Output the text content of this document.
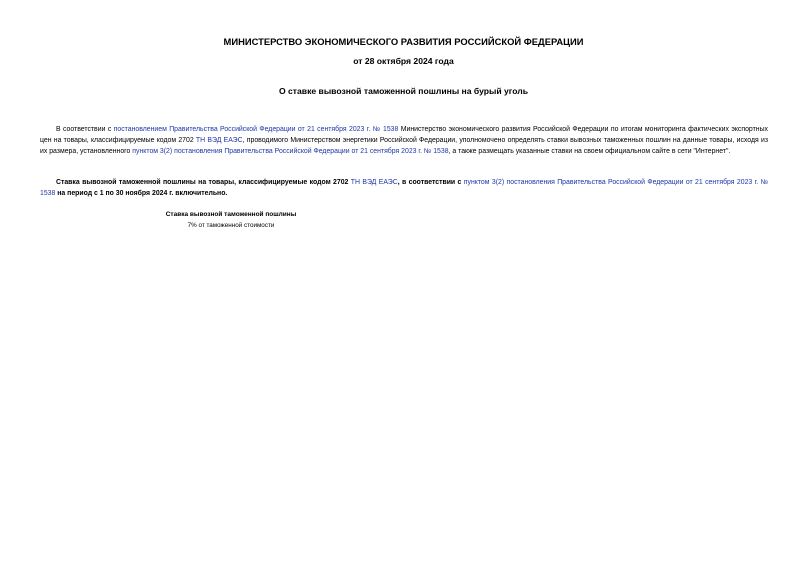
МИНИСТЕРСТВО ЭКОНОМИЧЕСКОГО РАЗВИТИЯ РОССИЙСКОЙ ФЕДЕРАЦИИ
от 28 октября 2024 года
О ставке вывозной таможенной пошлины на бурый уголь
В соответствии с постановлением Правительства Российской Федерации от 21 сентября 2023 г. № 1538 Министерство экономического развития Российской Федерации по итогам мониторинга фактических экспортных цен на товары, классифицируемые кодом 2702 ТН ВЭД ЕАЭС, проводимого Министерством энергетики Российской Федерации, уполномочено определять ставки вывозных таможенных пошлин на данные товары, исходя из их размера, установленного пунктом 3(2) постановления Правительства Российской Федерации от 21 сентября 2023 г. № 1538, а также размещать указанные ставки на своем официальном сайте в сети "Интернет".
Ставка вывозной таможенной пошлины на товары, классифицируемые кодом 2702 ТН ВЭД ЕАЭС, в соответствии с пунктом 3(2) постановления Правительства Российской Федерации от 21 сентября 2023 г. № 1538 на период с 1 по 30 ноября 2024 г. включительно.
Ставка вывозной таможенной пошлины
7% от таможенной стоимости
